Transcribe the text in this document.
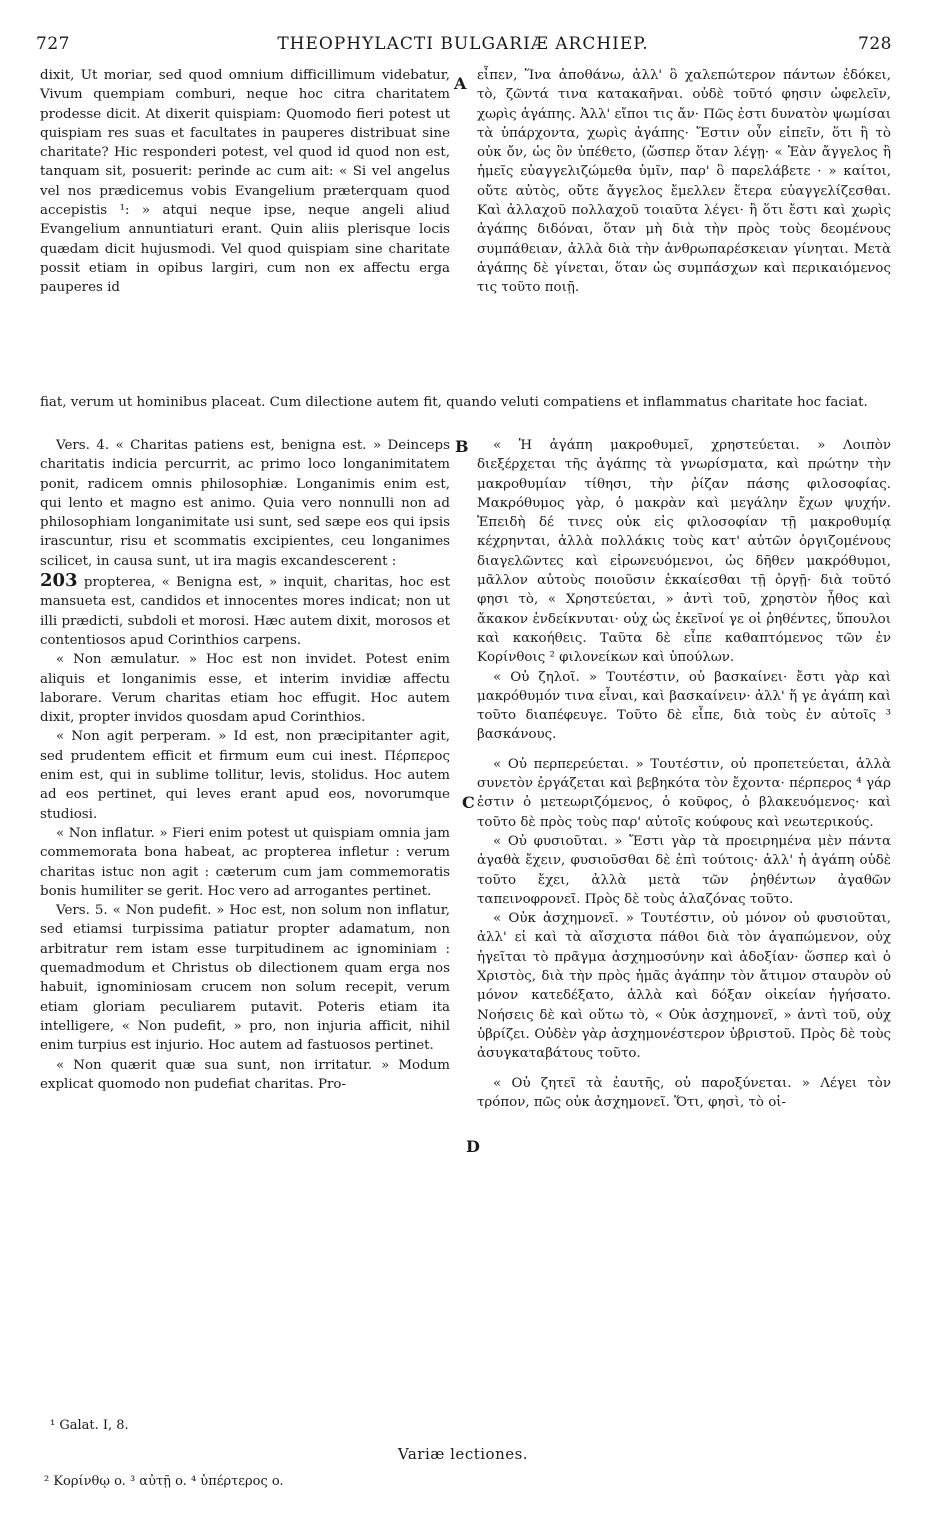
727	THEOPHYLACTI BULGARIÆ ARCHIEP.	728
A
B
C
D

dixit, Ut moriar, sed quod omnium difficillimum videbatur, Vivum quempiam comburi, neque hoc citra charitatem prodesse dicit. At dixerit quispiam: Quomodo fieri potest ut quispiam res suas et facultates in pauperes distribuat sine charitate? Hic responderi potest, vel quod id quod non est, tanquam sit, posuerit: perinde ac cum ait: « Si vel angelus vel nos prædicemus vobis Evangelium præterquam quod accepistis ¹: » atqui neque ipse, neque angeli aliud Evangelium annuntiaturi erant. Quin aliis plerisque locis quædam dicit hujusmodi. Vel quod quispiam sine charitate possit etiam in opibus largiri, cum non ex affectu erga pauperes id

fiat, verum ut hominibus placeat. Cum dilectione autem fit, quando veluti compatiens et inflammatus charitate hoc faciat.

Vers. 4. « Charitas patiens est, benigna est. » Deinceps charitatis indicia percurrit, ac primo loco longanimitatem ponit, radicem omnis philosophiæ. Longanimis enim est, qui lento et magno est animo. Quia vero nonnulli non ad philosophiam longanimitate usi sunt, sed sæpe eos qui ipsis irascuntur, risu et scommatis excipientes, ceu longanimes scilicet, in causa sunt, ut ira magis excandescerent :

203 propterea, « Benigna est, » inquit, charitas, hoc est mansueta est, candidos et innocentes mores indicat; non ut illi prædicti, subdoli et morosi. Hæc autem dixit, morosos et contentiosos apud Corinthios carpens.

« Non æmulatur. » Hoc est non invidet. Potest enim aliquis et longanimis esse, et interim invidiæ affectu laborare. Verum charitas etiam hoc effugit. Hoc autem dixit, propter invidos quosdam apud Corinthios.

« Non agit perperam. » Id est, non præcipitanter agit, sed prudentem efficit et firmum eum cui inest. Πέρπερος enim est, qui in sublime tollitur, levis, stolidus. Hoc autem ad eos pertinet, qui leves erant apud eos, novorumque studiosi.

« Non inflatur. » Fieri enim potest ut quispiam omnia jam commemorata bona habeat, ac propterea infletur : verum charitas istuc non agit : cæterum cum jam commemoratis bonis humiliter se gerit. Hoc vero ad arrogantes pertinet.

Vers. 5. « Non pudefit. » Hoc est, non solum non inflatur, sed etiamsi turpissima patiatur propter adamatum, non arbitratur rem istam esse turpitudinem ac ignominiam : quemadmodum et Christus ob dilectionem quam erga nos habuit, ignominiosam crucem non solum recepit, verum etiam gloriam peculiarem putavit. Poteris etiam ita intelligere, « Non pudefit, » pro, non injuria afficit, nihil enim turpius est injurio. Hoc autem ad fastuosos pertinet.

« Non quærit quæ sua sunt, non irritatur. » Modum explicat quomodo non pudefiat charitas. Pro-

εἶπεν, Ἵνα ἀποθάνω, ἀλλ' ὃ χαλεπώτερον πάντων ἐδόκει, τὸ, ζῶντά τινα κατακαῆναι. οὐδὲ τοῦτό φησιν ὠφελεῖν, χωρὶς ἀγάπης. Ἀλλ' εἴποι τις ἄν· Πῶς ἐστι δυνατὸν ψωμίσαι τὰ ὑπάρχοντα, χωρὶς ἀγάπης· Ἔστιν οὖν εἰπεῖν, ὅτι ἢ τὸ οὐκ ὄν, ὡς ὂν ὑπέθετο, (ὥσπερ ὅταν λέγῃ· « Ἐὰν ἄγγελος ἢ ἡμεῖς εὐαγγελιζώμεθα ὑμῖν, παρ' ὃ παρελάβετε · » καίτοι, οὔτε αὐτὸς, οὔτε ἄγγελος ἔμελλεν ἕτερα εὐαγγελίζεσθαι. Καὶ ἀλλαχοῦ πολλαχοῦ τοιαῦτα λέγει· ἢ ὅτι ἔστι καὶ χωρὶς ἀγάπης διδόναι, ὅταν μὴ διὰ τὴν πρὸς τοὺς δεομένους συμπάθειαν, ἀλλὰ διὰ τὴν ἀνθρωπαρέσκειαν γίνηται. Μετὰ ἀγάπης δὲ γίνεται, ὅταν ὡς συμπάσχων καὶ περικαιόμενος τις τοῦτο ποιῇ.

« Ἡ ἀγάπη μακροθυμεῖ, χρηστεύεται. » Λοιπὸν διεξέρχεται τῆς ἀγάπης τὰ γνωρίσματα, καὶ πρώτην τὴν μακροθυμίαν τίθησι, τὴν ῥίζαν πάσης φιλοσοφίας. Μακρόθυμος γὰρ, ὁ μακρὰν καὶ μεγάλην ἔχων ψυχήν. Ἐπειδὴ δέ τινες οὐκ εἰς φιλοσοφίαν τῇ μακροθυμίᾳ κέχρηνται, ἀλλὰ πολλάκις τοὺς κατ' αὐτῶν ὀργιζομένους διαγελῶντες καὶ εἰρωνευόμενοι, ὡς δῆθεν μακρόθυμοι, μᾶλλον αὐτοὺς ποιοῦσιν ἐκκαίεσθαι τῇ ὀργῇ· διὰ τοῦτό φησι τὸ, « Χρηστεύεται, » ἀντὶ τοῦ, χρηστὸν ἦθος καὶ ἄκακον ἐνδείκνυται· οὐχ ὡς ἐκεῖνοί γε οἱ ῥηθέντες, ὕπουλοι καὶ κακοήθεις. Ταῦτα δὲ εἶπε καθαπτόμενος τῶν ἐν Κορίνθοις ² φιλονείκων καὶ ὑπούλων.

« Οὐ ζηλοῖ. » Τουτέστιν, οὐ βασκαίνει· ἔστι γὰρ καὶ μακρόθυμόν τινα εἶναι, καὶ βασκαίνειν· ἀλλ' ἥ γε ἀγάπη καὶ τοῦτο διαπέφευγε. Τοῦτο δὲ εἶπε, διὰ τοὺς ἐν αὐτοῖς ³ βασκάνους.

« Οὐ περπερεύεται. » Τουτέστιν, οὐ προπετεύεται, ἀλλὰ συνετὸν ἐργάζεται καὶ βεβηκότα τὸν ἔχοντα· πέρπερος ⁴ γάρ ἐστιν ὁ μετεωριζόμενος, ὁ κοῦφος, ὁ βλακευόμενος· καὶ τοῦτο δὲ πρὸς τοὺς παρ' αὐτοῖς κούφους καὶ νεωτερικούς.

« Οὐ φυσιοῦται. » Ἔστι γὰρ τὰ προειρημένα μὲν πάντα ἀγαθὰ ἔχειν, φυσιοῦσθαι δὲ ἐπὶ τούτοις· ἀλλ' ἡ ἀγάπη οὐδὲ τοῦτο ἔχει, ἀλλὰ μετὰ τῶν ῥηθέντων ἀγαθῶν ταπεινοφρονεῖ. Πρὸς δὲ τοὺς ἀλαζόνας τοῦτο.

« Οὐκ ἀσχημονεῖ. » Τουτέστιν, οὐ μόνον οὐ φυσιοῦται, ἀλλ' εἰ καὶ τὰ αἴσχιστα πάθοι διὰ τὸν ἀγαπώμενον, οὐχ ἡγεῖται τὸ πρᾶγμα ἀσχημοσύνην καὶ ἀδοξίαν· ὥσπερ καὶ ὁ Χριστὸς, διὰ τὴν πρὸς ἡμᾶς ἀγάπην τὸν ἄτιμον σταυρὸν οὐ μόνον κατεδέξατο, ἀλλὰ καὶ δόξαν οἰκείαν ἡγήσατο. Νοήσεις δὲ καὶ οὕτω τὸ, « Οὐκ ἀσχημονεῖ, » ἀντὶ τοῦ, οὐχ ὑβρίζει. Οὐδὲν γὰρ ἀσχημονέστερον ὑβριστοῦ. Πρὸς δὲ τοὺς ἀσυγκαταβάτους τοῦτο.

« Οὐ ζητεῖ τὰ ἑαυτῆς, οὐ παροξύνεται. » Λέγει τὸν τρόπον, πῶς οὐκ ἀσχημονεῖ. Ὅτι, φησὶ, τὸ οἰ-

¹ Galat. I, 8.
Variæ lectiones.
² Κορίνθῳ o. ³ αὐτῇ o. ⁴ ὑπέρτερος o.
